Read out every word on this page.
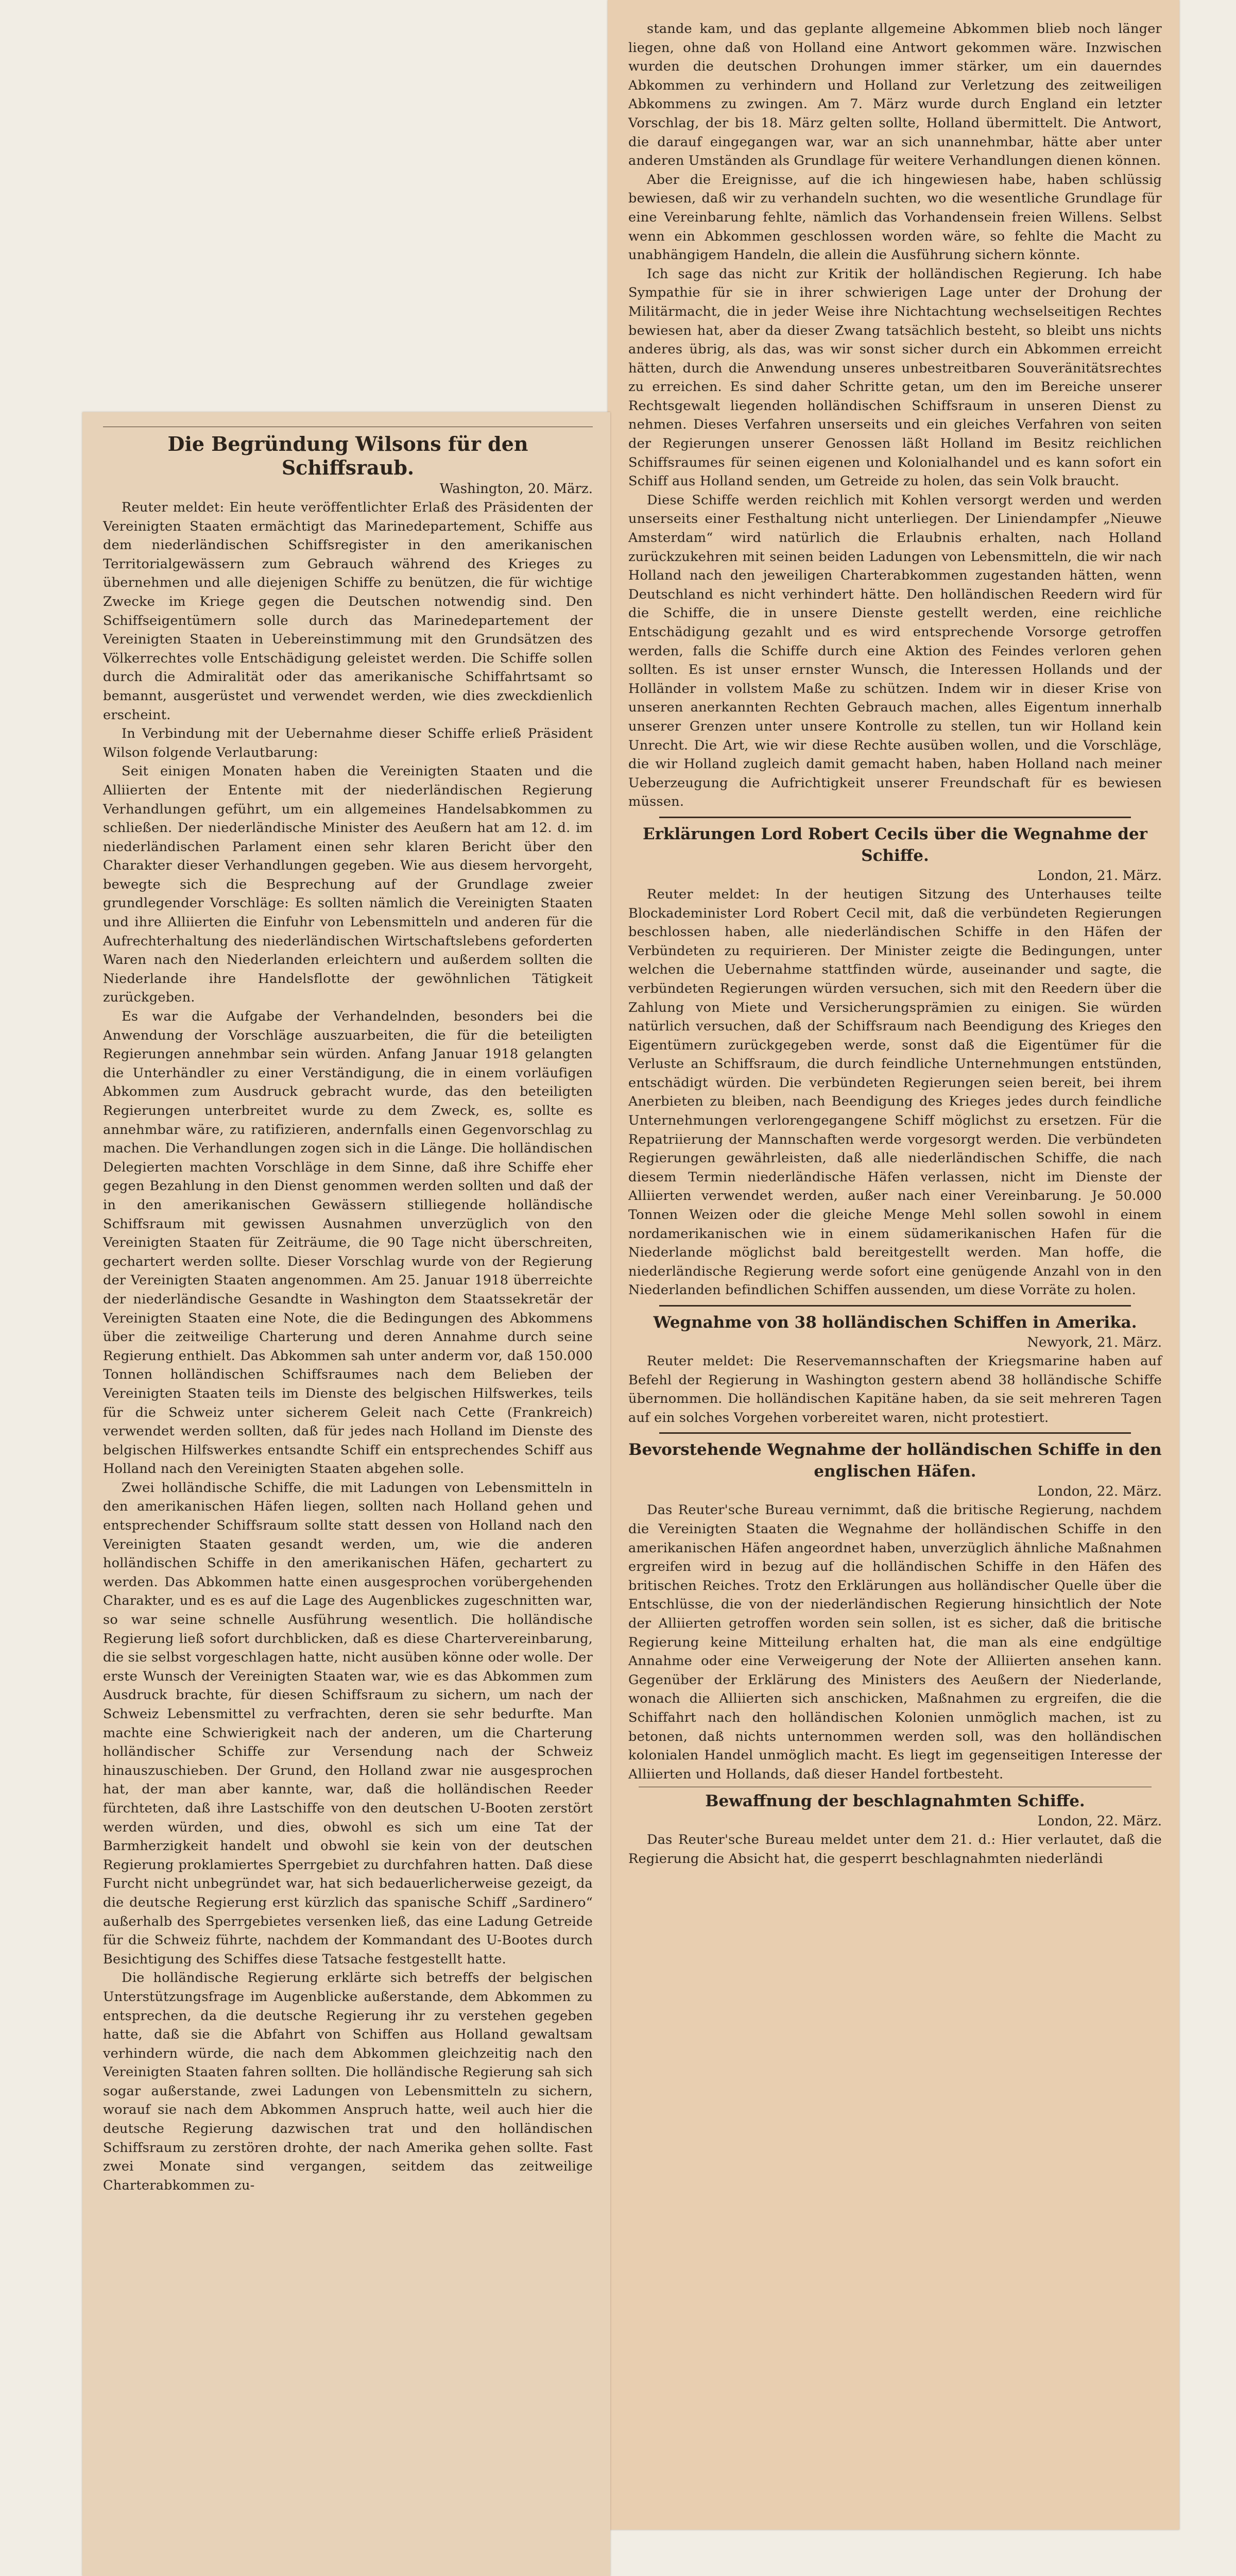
stande kam, und das geplante allgemeine Abkommen blieb noch länger liegen, ohne daß von Holland eine Antwort gekommen wäre. Inzwischen wurden die deutschen Drohungen immer stärker, um ein dauerndes Abkommen zu verhindern und Holland zur Verletzung des zeitweiligen Abkommens zu zwingen. Am 7. März wurde durch England ein letzter Vorschlag, der bis 18. März gelten sollte, Holland übermittelt. Die Antwort, die darauf eingegangen war, war an sich unannehmbar, hätte aber unter anderen Umständen als Grundlage für weitere Verhandlungen dienen können.

Aber die Ereignisse, auf die ich hingewiesen habe, haben schlüssig bewiesen, daß wir zu verhandeln suchten, wo die wesentliche Grundlage für eine Vereinbarung fehlte, nämlich das Vorhandensein freien Willens. Selbst wenn ein Abkommen geschlossen worden wäre, so fehlte die Macht zu unabhängigem Handeln, die allein die Ausführung sichern könnte.

Ich sage das nicht zur Kritik der holländischen Regierung. Ich habe Sympathie für sie in ihrer schwierigen Lage unter der Drohung der Militärmacht, die in jeder Weise ihre Nichtachtung wechselseitigen Rechtes bewiesen hat, aber da dieser Zwang tatsächlich besteht, so bleibt uns nichts anderes übrig, als das, was wir sonst sicher durch ein Abkommen erreicht hätten, durch die Anwendung unseres unbestreitbaren Souveränitätsrechtes zu erreichen. Es sind daher Schritte getan, um den im Bereiche unserer Rechtsgewalt liegenden holländischen Schiffsraum in unseren Dienst zu nehmen. Dieses Verfahren unserseits und ein gleiches Verfahren von seiten der Regierungen unserer Genossen läßt Holland im Besitz reichlichen Schiffsraumes für seinen eigenen und Kolonialhandel und es kann sofort ein Schiff aus Holland senden, um Getreide zu holen, das sein Volk braucht.

Diese Schiffe werden reichlich mit Kohlen versorgt werden und werden unserseits einer Festhaltung nicht unterliegen. Der Liniendampfer „Nieuwe Amsterdam“ wird natürlich die Erlaubnis erhalten, nach Holland zurückzukehren mit seinen beiden Ladungen von Lebensmitteln, die wir nach Holland nach den jeweiligen Charterabkommen zugestanden hätten, wenn Deutschland es nicht verhindert hätte. Den holländischen Reedern wird für die Schiffe, die in unsere Dienste gestellt werden, eine reichliche Entschädigung gezahlt und es wird entsprechende Vorsorge getroffen werden, falls die Schiffe durch eine Aktion des Feindes verloren gehen sollten. Es ist unser ernster Wunsch, die Interessen Hollands und der Holländer in vollstem Maße zu schützen. Indem wir in dieser Krise von unseren anerkannten Rechten Gebrauch machen, alles Eigentum innerhalb unserer Grenzen unter unsere Kontrolle zu stellen, tun wir Holland kein Unrecht. Die Art, wie wir diese Rechte ausüben wollen, und die Vorschläge, die wir Holland zugleich damit gemacht haben, haben Holland nach meiner Ueberzeugung die Aufrichtigkeit unserer Freundschaft für es bewiesen müssen.

Erklärungen Lord Robert Cecils über die Wegnahme der Schiffe.
London, 21. März.

Reuter meldet: In der heutigen Sitzung des Unterhauses teilte Blockademinister Lord Robert Cecil mit, daß die verbündeten Regierungen beschlossen haben, alle niederländischen Schiffe in den Häfen der Verbündeten zu requirieren. Der Minister zeigte die Bedingungen, unter welchen die Uebernahme stattfinden würde, auseinander und sagte, die verbündeten Regierungen würden versuchen, sich mit den Reedern über die Zahlung von Miete und Versicherungsprämien zu einigen. Sie würden natürlich versuchen, daß der Schiffsraum nach Beendigung des Krieges den Eigentümern zurückgegeben werde, sonst daß die Eigentümer für die Verluste an Schiffsraum, die durch feindliche Unternehmungen entstünden, entschädigt würden. Die verbündeten Regierungen seien bereit, bei ihrem Anerbieten zu bleiben, nach Beendigung des Krieges jedes durch feindliche Unternehmungen verlorengegangene Schiff möglichst zu ersetzen. Für die Repatriierung der Mannschaften werde vorgesorgt werden. Die verbündeten Regierungen gewährleisten, daß alle niederländischen Schiffe, die nach diesem Termin niederländische Häfen verlassen, nicht im Dienste der Alliierten verwendet werden, außer nach einer Vereinbarung. Je 50.000 Tonnen Weizen oder die gleiche Menge Mehl sollen sowohl in einem nordamerikanischen wie in einem südamerikanischen Hafen für die Niederlande möglichst bald bereitgestellt werden. Man hoffe, die niederländische Regierung werde sofort eine genügende Anzahl von in den Niederlanden befindlichen Schiffen aussenden, um diese Vorräte zu holen.

Wegnahme von 38 holländischen Schiffen in Amerika.
Newyork, 21. März.

Reuter meldet: Die Reservemannschaften der Kriegsmarine haben auf Befehl der Regierung in Washington gestern abend 38 holländische Schiffe übernommen. Die holländischen Kapitäne haben, da sie seit mehreren Tagen auf ein solches Vorgehen vorbereitet waren, nicht protestiert.

Bevorstehende Wegnahme der holländischen Schiffe in den englischen Häfen.
London, 22. März.

Das Reuter'sche Bureau vernimmt, daß die britische Regierung, nachdem die Vereinigten Staaten die Wegnahme der holländischen Schiffe in den amerikanischen Häfen angeordnet haben, unverzüglich ähnliche Maßnahmen ergreifen wird in bezug auf die holländischen Schiffe in den Häfen des britischen Reiches. Trotz den Erklärungen aus holländischer Quelle über die Entschlüsse, die von der niederländischen Regierung hinsichtlich der Note der Alliierten getroffen worden sein sollen, ist es sicher, daß die britische Regierung keine Mitteilung erhalten hat, die man als eine endgültige Annahme oder eine Verweigerung der Note der Alliierten ansehen kann. Gegenüber der Erklärung des Ministers des Aeußern der Niederlande, wonach die Alliierten sich anschicken, Maßnahmen zu ergreifen, die die Schiffahrt nach den holländischen Kolonien unmöglich machen, ist zu betonen, daß nichts unternommen werden soll, was den holländischen kolonialen Handel unmöglich macht. Es liegt im gegenseitigen Interesse der Alliierten und Hollands, daß dieser Handel fortbesteht.

Bewaffnung der beschlagnahmten Schiffe.
London, 22. März.

Das Reuter'sche Bureau meldet unter dem 21. d.: Hier verlautet, daß die Regierung die Absicht hat, die gesperrt beschlagnahmten niederländi

Die Begründung Wilsons für den Schiffsraub.
Washington, 20. März.

Reuter meldet: Ein heute veröffentlichter Erlaß des Präsidenten der Vereinigten Staaten ermächtigt das Marinedepartement, Schiffe aus dem niederländischen Schiffsregister in den amerikanischen Territorialgewässern zum Gebrauch während des Krieges zu übernehmen und alle diejenigen Schiffe zu benützen, die für wichtige Zwecke im Kriege gegen die Deutschen notwendig sind. Den Schiffseigentümern solle durch das Marinedepartement der Vereinigten Staaten in Uebereinstimmung mit den Grundsätzen des Völkerrechtes volle Entschädigung geleistet werden. Die Schiffe sollen durch die Admiralität oder das amerikanische Schiffahrtsamt so bemannt, ausgerüstet und verwendet werden, wie dies zweckdienlich erscheint.

In Verbindung mit der Uebernahme dieser Schiffe erließ Präsident Wilson folgende Verlautbarung:

Seit einigen Monaten haben die Vereinigten Staaten und die Alliierten der Entente mit der niederländischen Regierung Verhandlungen geführt, um ein allgemeines Handelsabkommen zu schließen. Der niederländische Minister des Aeußern hat am 12. d. im niederländischen Parlament einen sehr klaren Bericht über den Charakter dieser Verhandlungen gegeben. Wie aus diesem hervorgeht, bewegte sich die Besprechung auf der Grundlage zweier grundlegender Vorschläge: Es sollten nämlich die Vereinigten Staaten und ihre Alliierten die Einfuhr von Lebensmitteln und anderen für die Aufrechterhaltung des niederländischen Wirtschaftslebens geforderten Waren nach den Niederlanden erleichtern und außerdem sollten die Niederlande ihre Handelsflotte der gewöhnlichen Tätigkeit zurückgeben.

Es war die Aufgabe der Verhandelnden, besonders bei die Anwendung der Vorschläge auszuarbeiten, die für die beteiligten Regierungen annehmbar sein würden. Anfang Januar 1918 gelangten die Unterhändler zu einer Verständigung, die in einem vorläufigen Abkommen zum Ausdruck gebracht wurde, das den beteiligten Regierungen unterbreitet wurde zu dem Zweck, es, sollte es annehmbar wäre, zu ratifizieren, andernfalls einen Gegenvorschlag zu machen. Die Verhandlungen zogen sich in die Länge. Die holländischen Delegierten machten Vorschläge in dem Sinne, daß ihre Schiffe eher gegen Bezahlung in den Dienst genommen werden sollten und daß der in den amerikanischen Gewässern stilliegende holländische Schiffsraum mit gewissen Ausnahmen unverzüglich von den Vereinigten Staaten für Zeiträume, die 90 Tage nicht überschreiten, gechartert werden sollte. Dieser Vorschlag wurde von der Regierung der Vereinigten Staaten angenommen. Am 25. Januar 1918 überreichte der niederländische Gesandte in Washington dem Staatssekretär der Vereinigten Staaten eine Note, die die Bedingungen des Abkommens über die zeitweilige Charterung und deren Annahme durch seine Regierung enthielt. Das Abkommen sah unter anderm vor, daß 150.000 Tonnen holländischen Schiffsraumes nach dem Belieben der Vereinigten Staaten teils im Dienste des belgischen Hilfswerkes, teils für die Schweiz unter sicherem Geleit nach Cette (Frankreich) verwendet werden sollten, daß für jedes nach Holland im Dienste des belgischen Hilfswerkes entsandte Schiff ein entsprechendes Schiff aus Holland nach den Vereinigten Staaten abgehen solle.

Zwei holländische Schiffe, die mit Ladungen von Lebensmitteln in den amerikanischen Häfen liegen, sollten nach Holland gehen und entsprechender Schiffsraum sollte statt dessen von Holland nach den Vereinigten Staaten gesandt werden, um, wie die anderen holländischen Schiffe in den amerikanischen Häfen, gechartert zu werden. Das Abkommen hatte einen ausgesprochen vorübergehenden Charakter, und es es auf die Lage des Augenblickes zugeschnitten war, so war seine schnelle Ausführung wesentlich. Die holländische Regierung ließ sofort durchblicken, daß es diese Chartervereinbarung, die sie selbst vorgeschlagen hatte, nicht ausüben könne oder wolle. Der erste Wunsch der Vereinigten Staaten war, wie es das Abkommen zum Ausdruck brachte, für diesen Schiffsraum zu sichern, um nach der Schweiz Lebensmittel zu verfrachten, deren sie sehr bedurfte. Man machte eine Schwierigkeit nach der anderen, um die Charterung holländischer Schiffe zur Versendung nach der Schweiz hinauszuschieben. Der Grund, den Holland zwar nie ausgesprochen hat, der man aber kannte, war, daß die holländischen Reeder fürchteten, daß ihre Lastschiffe von den deutschen U-Booten zerstört werden würden, und dies, obwohl es sich um eine Tat der Barmherzigkeit handelt und obwohl sie kein von der deutschen Regierung proklamiertes Sperrgebiet zu durchfahren hatten. Daß diese Furcht nicht unbegründet war, hat sich bedauerlicherweise gezeigt, da die deutsche Regierung erst kürzlich das spanische Schiff „Sardinero“ außerhalb des Sperrgebietes versenken ließ, das eine Ladung Getreide für die Schweiz führte, nachdem der Kommandant des U-Bootes durch Besichtigung des Schiffes diese Tatsache festgestellt hatte.

Die holländische Regierung erklärte sich betreffs der belgischen Unterstützungsfrage im Augenblicke außerstande, dem Abkommen zu entsprechen, da die deutsche Regierung ihr zu verstehen gegeben hatte, daß sie die Abfahrt von Schiffen aus Holland gewaltsam verhindern würde, die nach dem Abkommen gleichzeitig nach den Vereinigten Staaten fahren sollten. Die holländische Regierung sah sich sogar außerstande, zwei Ladungen von Lebensmitteln zu sichern, worauf sie nach dem Abkommen Anspruch hatte, weil auch hier die deutsche Regierung dazwischen trat und den holländischen Schiffsraum zu zerstören drohte, der nach Amerika gehen sollte. Fast zwei Monate sind vergangen, seitdem das zeitweilige Charterabkommen zu-
